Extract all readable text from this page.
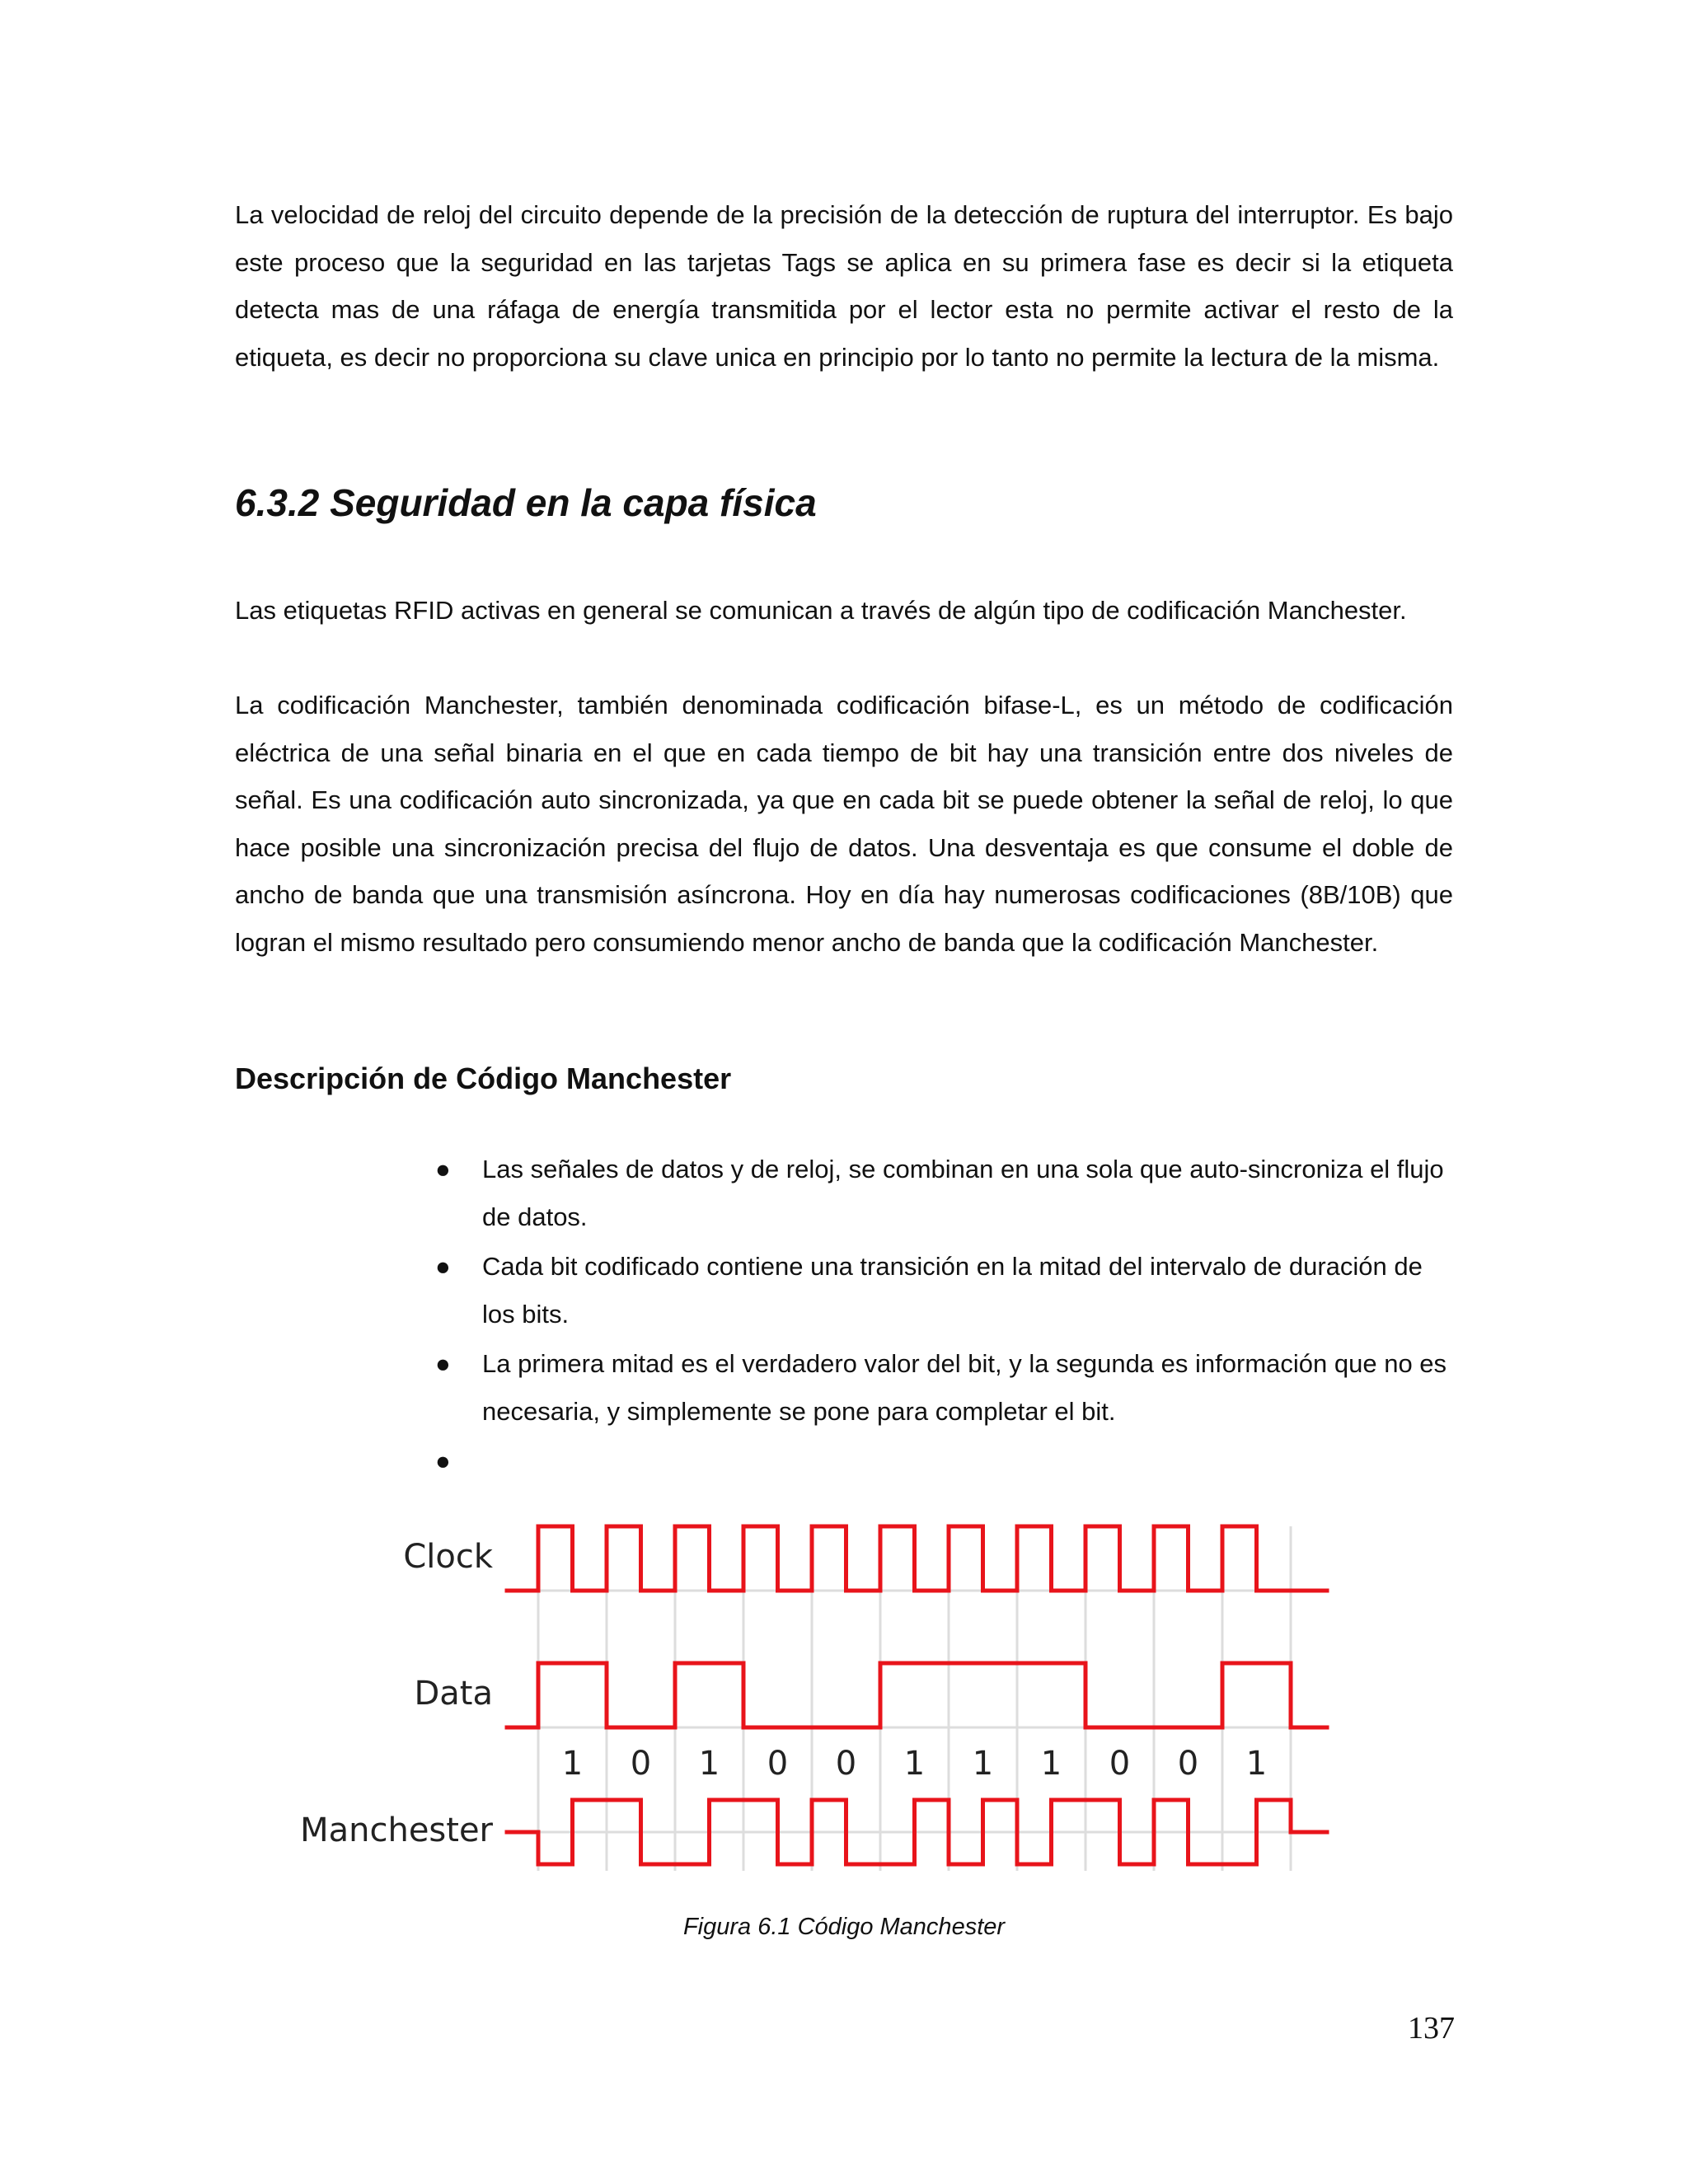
La velocidad de reloj del circuito depende de la precisión de la detección de ruptura del interruptor. Es bajo este proceso que la seguridad en las tarjetas Tags se aplica en su primera fase es decir si la etiqueta detecta mas de una ráfaga de energía transmitida por el lector esta no permite activar el resto de la etiqueta, es decir no proporciona su clave unica en principio por lo tanto no permite la lectura de la misma.

6.3.2 Seguridad en la capa física

Las etiquetas RFID activas en general se comunican a través de algún tipo de codificación Manchester.

La codificación Manchester, también denominada codificación bifase-L, es un método de codificación eléctrica de una señal binaria en el que en cada tiempo de bit hay una transición entre dos niveles de señal. Es una codificación auto sincronizada, ya que en cada bit se puede obtener la señal de reloj, lo que hace posible una sincronización precisa del flujo de datos. Una desventaja es que consume el doble de ancho de banda que una transmisión asíncrona. Hoy en día hay numerosas codificaciones (8B/10B) que logran el mismo resultado pero consumiendo menor ancho de banda que la codificación Manchester.

Descripción de Código Manchester
● Las señales de datos y de reloj, se combinan en una sola que auto-sincroniza el flujo de datos.
● Cada bit codificado contiene una transición en la mitad del intervalo de duración de los bits.
● La primera mitad es el verdadero valor del bit, y la segunda es información que no es necesaria, y simplemente se pone para completar el bit.
●
Clock
Data
Manchester
1 0 1 0 0 1 1 1 0 0 1

Figura 6.1 Código Manchester

137
